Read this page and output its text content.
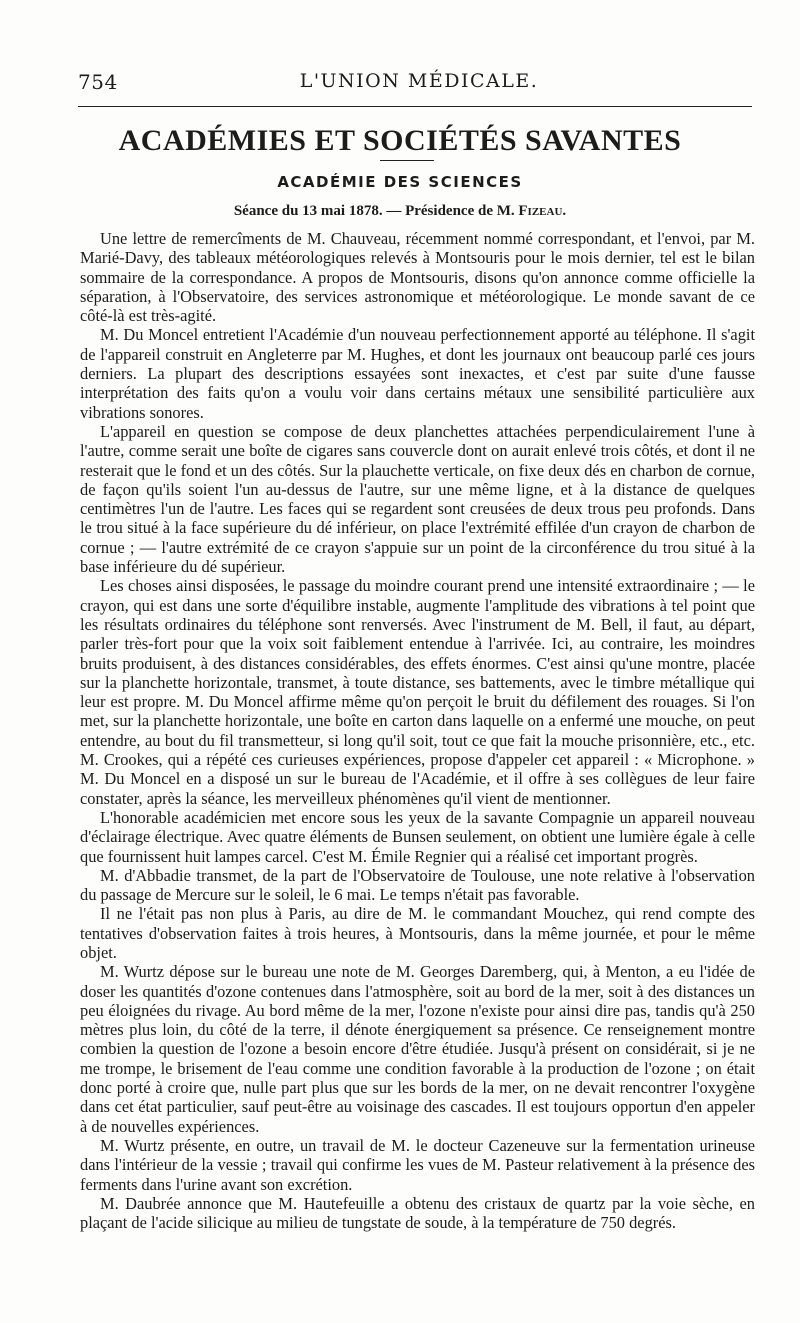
754	L'UNION MÉDICALE.
ACADÉMIES ET SOCIÉTÉS SAVANTES
ACADÉMIE DES SCIENCES
Séance du 13 mai 1878. — Présidence de M. Fizeau.

Une lettre de remercîments de M. Chauveau, récemment nommé correspondant, et l'envoi, par M. Marié-Davy, des tableaux météorologiques relevés à Montsouris pour le mois dernier, tel est le bilan sommaire de la correspondance. A propos de Montsouris, disons qu'on annonce comme officielle la séparation, à l'Observatoire, des services astronomique et météorologique. Le monde savant de ce côté-là est très-agité.

M. Du Moncel entretient l'Académie d'un nouveau perfectionnement apporté au téléphone. Il s'agit de l'appareil construit en Angleterre par M. Hughes, et dont les journaux ont beaucoup parlé ces jours derniers. La plupart des descriptions essayées sont inexactes, et c'est par suite d'une fausse interprétation des faits qu'on a voulu voir dans certains métaux une sensibilité particulière aux vibrations sonores.

L'appareil en question se compose de deux planchettes attachées perpendiculairement l'une à l'autre, comme serait une boîte de cigares sans couvercle dont on aurait enlevé trois côtés, et dont il ne resterait que le fond et un des côtés. Sur la plauchette verticale, on fixe deux dés en charbon de cornue, de façon qu'ils soient l'un au-dessus de l'autre, sur une même ligne, et à la distance de quelques centimètres l'un de l'autre. Les faces qui se regardent sont creusées de deux trous peu profonds. Dans le trou situé à la face supérieure du dé inférieur, on place l'extrémité effilée d'un crayon de charbon de cornue ; — l'autre extrémité de ce crayon s'appuie sur un point de la circonférence du trou situé à la base inférieure du dé supérieur.

Les choses ainsi disposées, le passage du moindre courant prend une intensité extraordinaire ; — le crayon, qui est dans une sorte d'équilibre instable, augmente l'amplitude des vibrations à tel point que les résultats ordinaires du téléphone sont renversés. Avec l'instrument de M. Bell, il faut, au départ, parler très-fort pour que la voix soit faiblement entendue à l'arrivée. Ici, au contraire, les moindres bruits produisent, à des distances considérables, des effets énormes. C'est ainsi qu'une montre, placée sur la planchette horizontale, transmet, à toute distance, ses battements, avec le timbre métallique qui leur est propre. M. Du Moncel affirme même qu'on perçoit le bruit du défilement des rouages. Si l'on met, sur la planchette horizontale, une boîte en carton dans laquelle on a enfermé une mouche, on peut entendre, au bout du fil transmetteur, si long qu'il soit, tout ce que fait la mouche prisonnière, etc., etc. M. Crookes, qui a répété ces curieuses expériences, propose d'appeler cet appareil : « Microphone. » M. Du Moncel en a disposé un sur le bureau de l'Académie, et il offre à ses collègues de leur faire constater, après la séance, les merveilleux phénomènes qu'il vient de mentionner.

L'honorable académicien met encore sous les yeux de la savante Compagnie un appareil nouveau d'éclairage électrique. Avec quatre éléments de Bunsen seulement, on obtient une lumière égale à celle que fournissent huit lampes carcel. C'est M. Émile Regnier qui a réalisé cet important progrès.

M. d'Abbadie transmet, de la part de l'Observatoire de Toulouse, une note relative à l'observation du passage de Mercure sur le soleil, le 6 mai. Le temps n'était pas favorable.

Il ne l'était pas non plus à Paris, au dire de M. le commandant Mouchez, qui rend compte des tentatives d'observation faites à trois heures, à Montsouris, dans la même journée, et pour le même objet.

M. Wurtz dépose sur le bureau une note de M. Georges Daremberg, qui, à Menton, a eu l'idée de doser les quantités d'ozone contenues dans l'atmosphère, soit au bord de la mer, soit à des distances un peu éloignées du rivage. Au bord même de la mer, l'ozone n'existe pour ainsi dire pas, tandis qu'à 250 mètres plus loin, du côté de la terre, il dénote énergiquement sa présence. Ce renseignement montre combien la question de l'ozone a besoin encore d'être étudiée. Jusqu'à présent on considérait, si je ne me trompe, le brisement de l'eau comme une condition favorable à la production de l'ozone ; on était donc porté à croire que, nulle part plus que sur les bords de la mer, on ne devait rencontrer l'oxygène dans cet état particulier, sauf peut-être au voisinage des cascades. Il est toujours opportun d'en appeler à de nouvelles expériences.

M. Wurtz présente, en outre, un travail de M. le docteur Cazeneuve sur la fermentation urineuse dans l'intérieur de la vessie ; travail qui confirme les vues de M. Pasteur relativement à la présence des ferments dans l'urine avant son excrétion.

M. Daubrée annonce que M. Hautefeuille a obtenu des cristaux de quartz par la voie sèche, en plaçant de l'acide silicique au milieu de tungstate de soude, à la température de 750 degrés.
